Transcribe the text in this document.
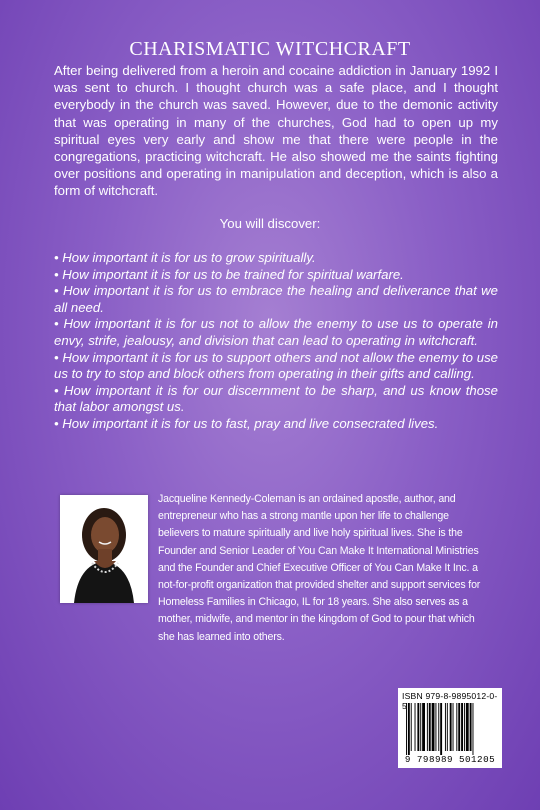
CHARISMATIC WITCHCRAFT
After being delivered from a heroin and cocaine addiction in January 1992 I was sent to church. I thought church was a safe place, and I thought everybody in the church was saved. However, due to the demonic activity that was operating in many of the churches, God had to open up my spiritual eyes very early and show me that there were people in the congregations, practicing witchcraft. He also showed me the saints fighting over positions and operating in manipulation and deception, which is also a form of witchcraft.
You will discover:

• How important it is for us to grow spiritually.

• How important it is for us to be trained for spiritual warfare.

• How important it is for us to embrace the healing and deliverance that we all need.

• How important it is for us not to allow the enemy to use us to operate in envy, strife, jealousy, and division that can lead to operating in witchcraft.

• How important it is for us to support others and not allow the enemy to use us to try to stop and block others from operating in their gifts and calling.

• How important it is for our discernment to be sharp, and us know those that labor amongst us.

• How important it is for us to fast, pray and live consecrated lives.

Jacqueline Kennedy-Coleman is an ordained apostle, author, and entrepreneur who has a strong mantle upon her life to challenge believers to mature spiritually and live holy spiritual lives. She is the Founder and Senior Leader of You Can Make It International Ministries and the Founder and Chief Executive Officer of You Can Make It Inc. a not-for-profit organization that provided shelter and support services for Homeless Families in Chicago, IL for 18 years. She also serves as a mother, midwife, and mentor in the kingdom of God to pour that which she has learned into others.
ISBN 979-8-9895012-0-5
9 798989 501205
